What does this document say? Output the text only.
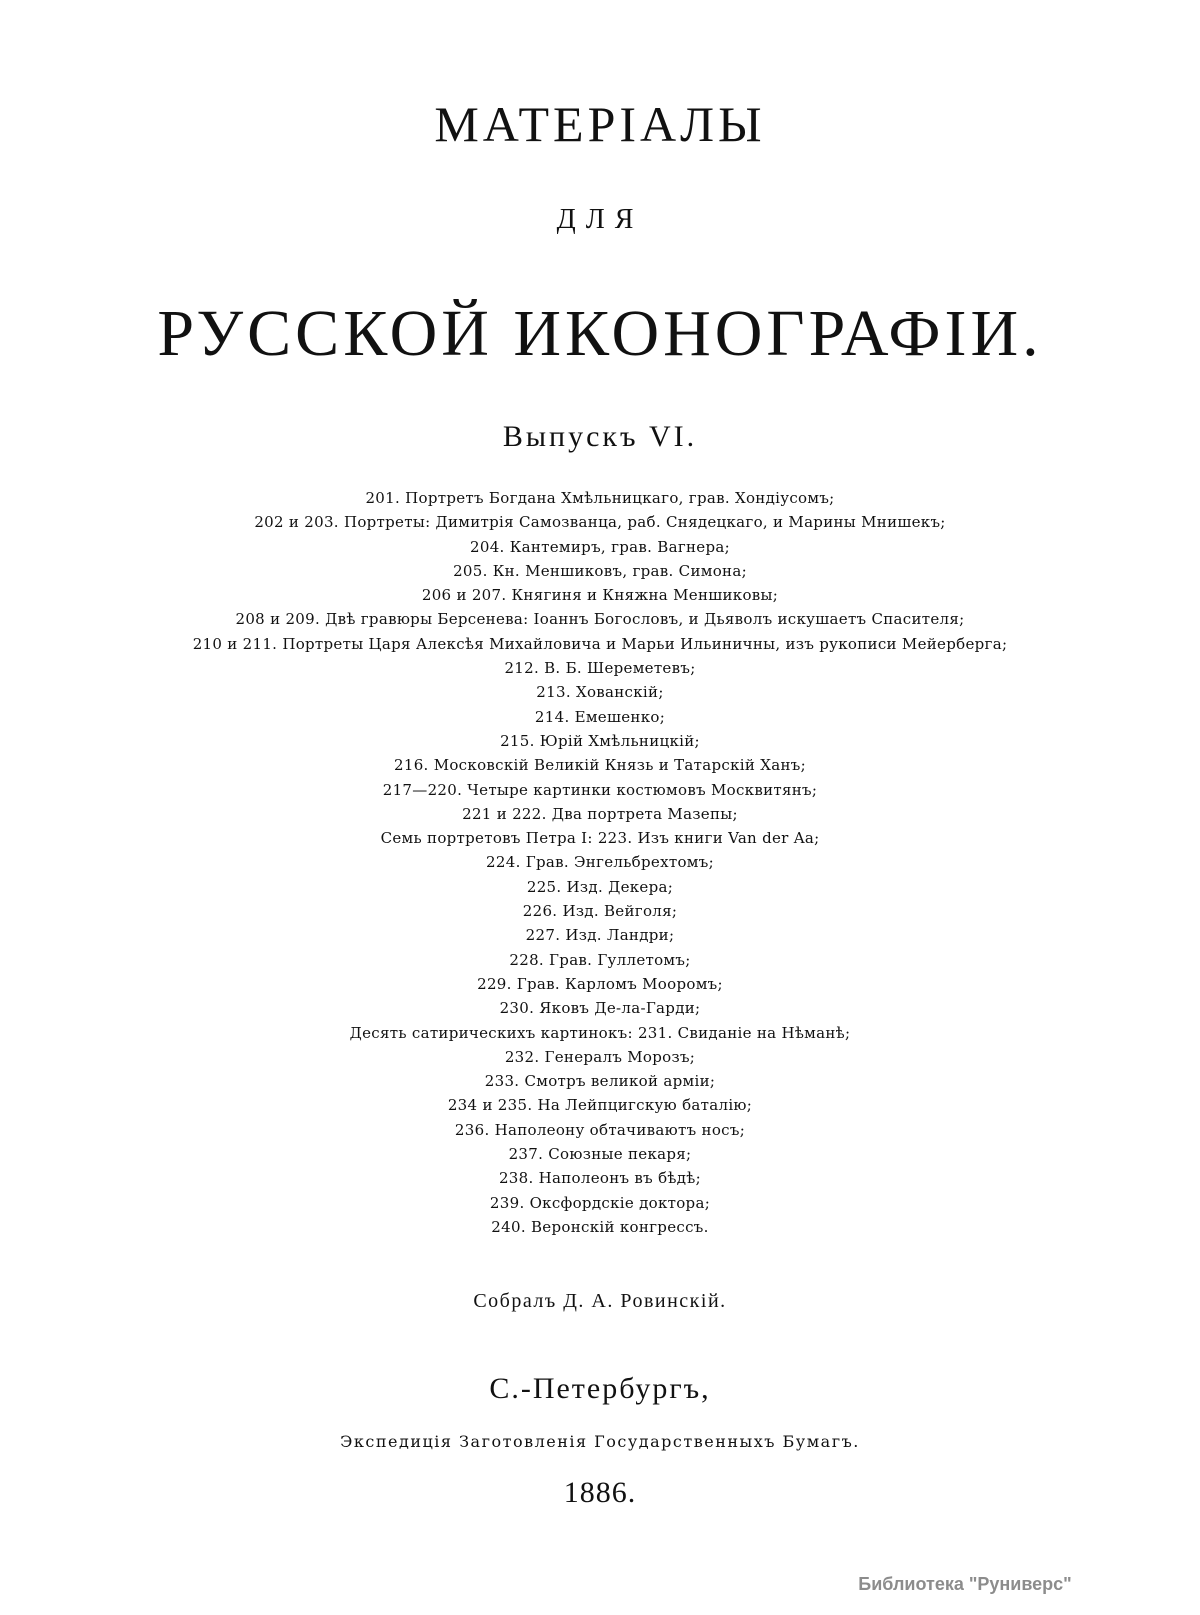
МАТЕРIАЛЫ
ДЛЯ
РУССКОЙ ИКОНОГРАФIИ.
Выпускъ VI.
201. Портретъ Богдана Хмѣльницкаго, грав. Хондiусомъ;
202 и 203. Портреты: Димитрiя Самозванца, раб. Снядецкаго, и Марины Мнишекъ;
204. Кантемиръ, грав. Вагнера;
205. Кн. Меншиковъ, грав. Симона;
206 и 207. Княгиня и Княжна Меншиковы;
208 и 209. Двѣ гравюры Берсенева: Iоаннъ Богословъ, и Дьяволъ искушаетъ Спасителя;
210 и 211. Портреты Царя Алексѣя Михайловича и Марьи Ильиничны, изъ рукописи Мейерберга;
212. В. Б. Шереметевъ;
213. Хованскiй;
214. Емешенко;
215. Юрiй Хмѣльницкiй;
216. Московскiй Великiй Князь и Татарскiй Ханъ;
217—220. Четыре картинки костюмовъ Москвитянъ;
221 и 222. Два портрета Мазепы;
Семь портретовъ Петра I: 223. Изъ книги Van der Aa;
224. Грав. Энгельбрехтомъ;
225. Изд. Декера;
226. Изд. Вейголя;
227. Изд. Ландри;
228. Грав. Гуллетомъ;
229. Грав. Карломъ Мооромъ;
230. Яковъ Де-ла-Гарди;
Десять сатирическихъ картинокъ: 231. Свиданiе на Нѣманѣ;
232. Генералъ Морозъ;
233. Смотръ великой армiи;
234 и 235. На Лейпцигскую баталiю;
236. Наполеону обтачиваютъ носъ;
237. Союзные пекаря;
238. Наполеонъ въ бѣдѣ;
239. Оксфордскiе доктора;
240. Веронскiй конгрессъ.
Собралъ Д. А. Ровинскiй.
С.-Петербургъ,
Экспедицiя Заготовленiя Государственныхъ Бумагъ.
1886.
Библиотека "Руниверс"
